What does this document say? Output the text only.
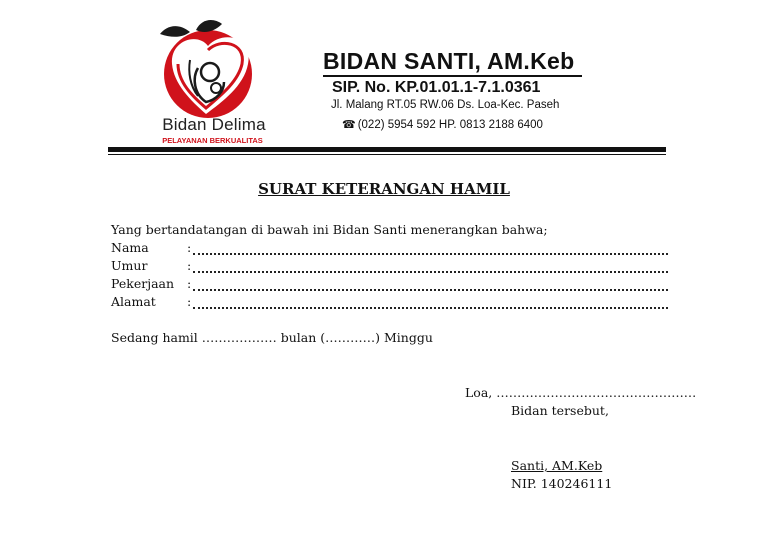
Bidan Delima
PELAYANAN BERKUALITAS
BIDAN SANTI, AM.Keb
SIP. No. KP.01.01.1-7.1.0361
Jl. Malang RT.05 RW.06 Ds. Loa-Kec. Paseh
☎ (022) 5954 592 HP. 0813 2188 6400
SURAT KETERANGAN HAMIL
Yang bertandatangan di bawah ini Bidan Santi menerangkan bahwa;
Nama	:
Umur	:
Pekerjaan :
Alamat :
Sedang hamil ……………… bulan (…………) Minggu
Loa, …………………………………………
Bidan tersebut,
Santi, AM.Keb
NIP. 140246111
